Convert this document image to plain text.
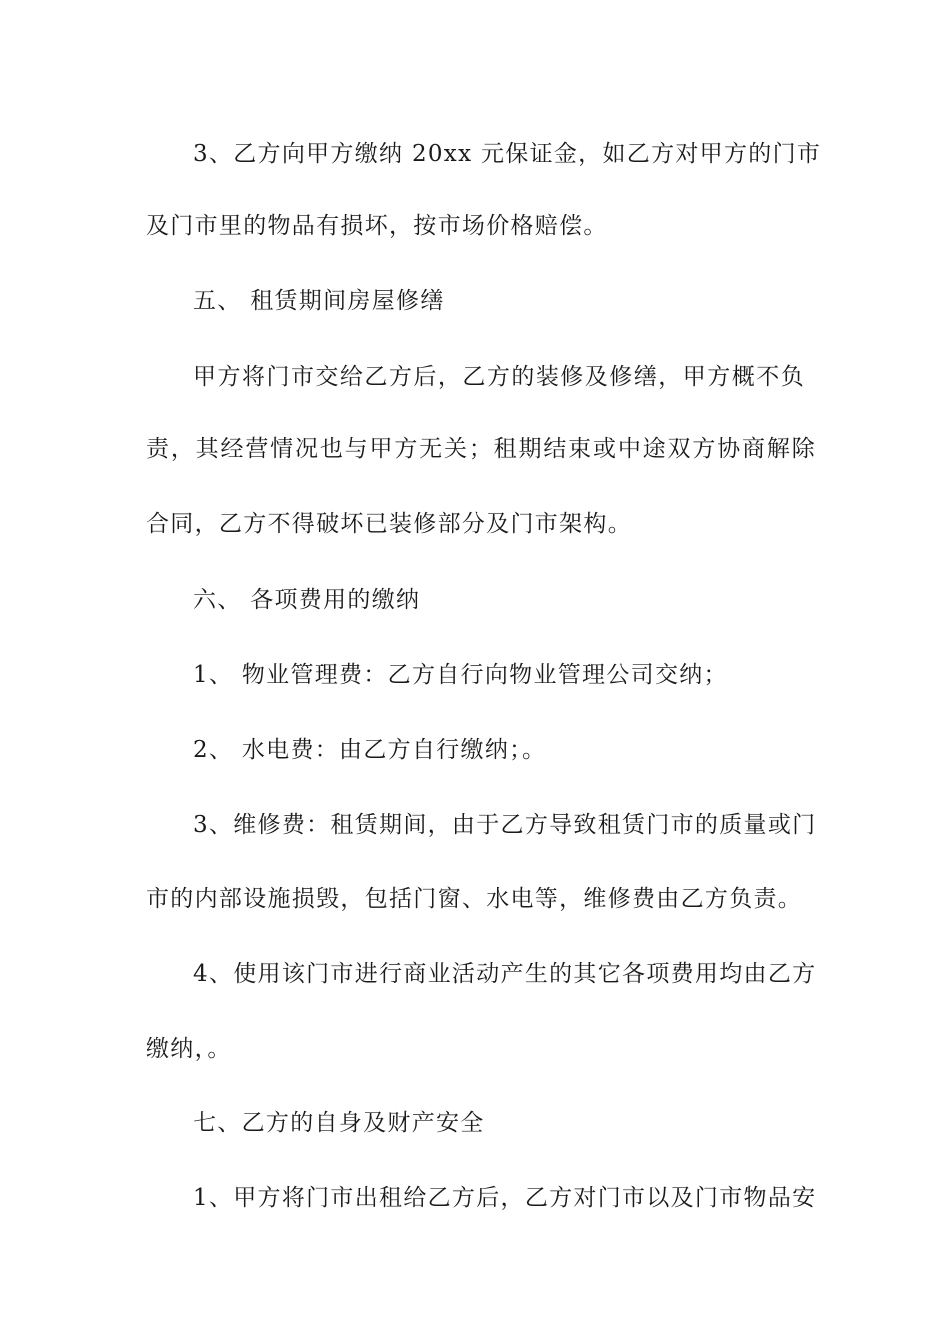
3、乙方向甲方缴纳 20xx 元保证金，如乙方对甲方的门市
及门市里的物品有损坏，按市场价格赔偿。
五、 租赁期间房屋修缮
甲方将门市交给乙方后，乙方的装修及修缮，甲方概不负
责，其经营情况也与甲方无关；租期结束或中途双方协商解除
合同，乙方不得破坏已装修部分及门市架构。
六、 各项费用的缴纳
1、 物业管理费：乙方自行向物业管理公司交纳；
2、 水电费：由乙方自行缴纳；。
3、维修费：租赁期间，由于乙方导致租赁门市的质量或门
市的内部设施损毁，包括门窗、水电等，维修费由乙方负责。
4、使用该门市进行商业活动产生的其它各项费用均由乙方
缴纳，。
七、乙方的自身及财产安全
1、甲方将门市出租给乙方后，乙方对门市以及门市物品安
